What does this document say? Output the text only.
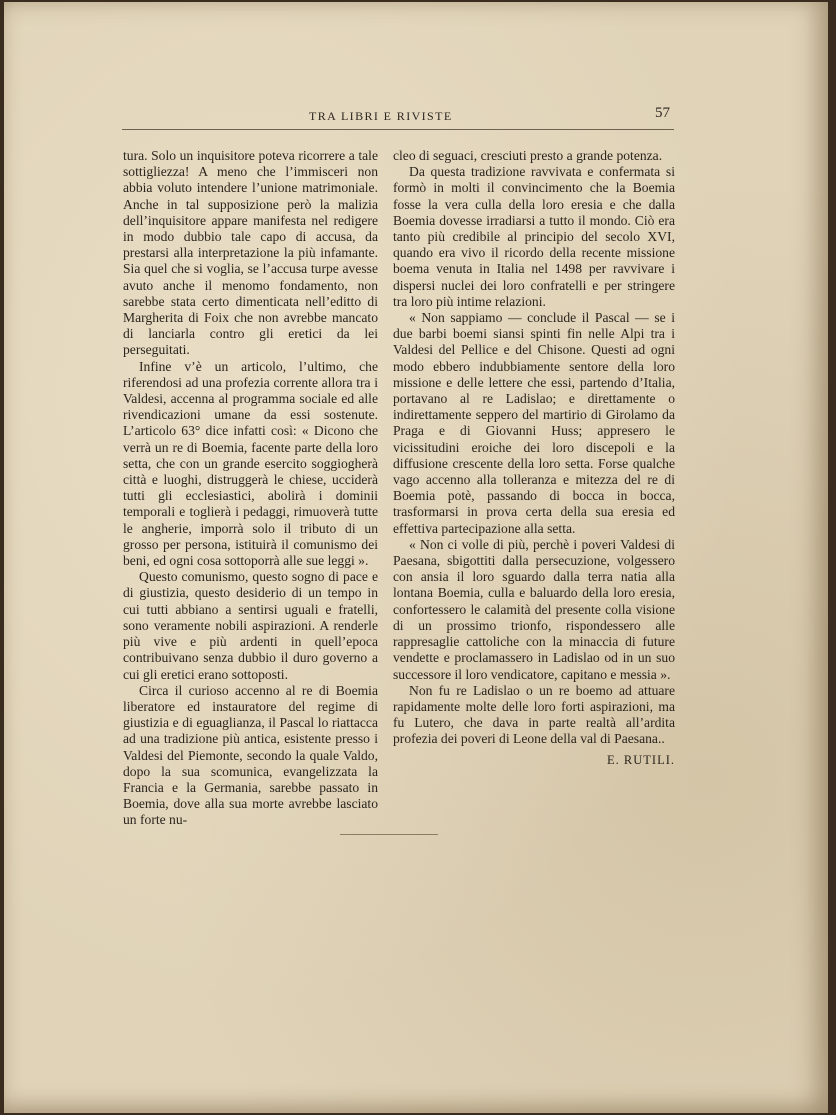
TRA LIBRI E RIVISTE	57

tura. Solo un inquisitore poteva ricorrere a tale sottigliezza! A meno che l’immisceri non abbia voluto intendere l’unione matrimoniale. Anche in tal supposizione però la malizia dell’inquisitore appare manifesta nel redigere in modo dubbio tale capo di accusa, da prestarsi alla interpretazione la più infamante. Sia quel che si voglia, se l’accusa turpe avesse avuto anche il menomo fondamento, non sarebbe stata certo dimenticata nell’editto di Margherita di Foix che non avrebbe mancato di lanciarla contro gli eretici da lei perseguitati.

Infine v’è un articolo, l’ultimo, che riferendosi ad una profezia corrente allora tra i Valdesi, accenna al programma sociale ed alle rivendicazioni umane da essi sostenute. L’articolo 63° dice infatti così: « Dicono che verrà un re di Boemia, facente parte della loro setta, che con un grande esercito soggiogherà città e luoghi, distruggerà le chiese, ucciderà tutti gli ecclesiastici, abolirà i dominii temporali e toglierà i pedaggi, rimuoverà tutte le angherie, imporrà solo il tributo di un grosso per persona, istituirà il comunismo dei beni, ed ogni cosa sottoporrà alle sue leggi ».

Questo comunismo, questo sogno di pace e di giustizia, questo desiderio di un tempo in cui tutti abbiano a sentirsi uguali e fratelli, sono veramente nobili aspirazioni. A renderle più vive e più ardenti in quell’epoca contribuivano senza dubbio il duro governo a cui gli eretici erano sottoposti.

Circa il curioso accenno al re di Boemia liberatore ed instauratore del regime di giustizia e di eguaglianza, il Pascal lo riattacca ad una tradizione più antica, esistente presso i Valdesi del Piemonte, secondo la quale Valdo, dopo la sua scomunica, evangelizzata la Francia e la Germania, sarebbe passato in Boemia, dove alla sua morte avrebbe lasciato un forte nu-

cleo di seguaci, cresciuti presto a grande potenza.

Da questa tradizione ravvivata e confermata si formò in molti il convincimento che la Boemia fosse la vera culla della loro eresia e che dalla Boemia dovesse irradiarsi a tutto il mondo. Ciò era tanto più credibile al principio del secolo XVI, quando era vivo il ricordo della recente missione boema venuta in Italia nel 1498 per ravvivare i dispersi nuclei dei loro confratelli e per stringere tra loro più intime relazioni.

« Non sappiamo — conclude il Pascal — se i due barbi boemi siansi spinti fin nelle Alpi tra i Valdesi del Pellice e del Chisone. Questi ad ogni modo ebbero indubbiamente sentore della loro missione e delle lettere che essi, partendo d’Italia, portavano al re Ladislao; e direttamente o indirettamente seppero del martirio di Girolamo da Praga e di Giovanni Huss; appresero le vicissitudini eroiche dei loro discepoli e la diffusione crescente della loro setta. Forse qualche vago accenno alla tolleranza e mitezza del re di Boemia potè, passando di bocca in bocca, trasformarsi in prova certa della sua eresia ed effettiva partecipazione alla setta.

« Non ci volle di più, perchè i poveri Valdesi di Paesana, sbigottiti dalla persecuzione, volgessero con ansia il loro sguardo dalla terra natia alla lontana Boemia, culla e baluardo della loro eresia, confortessero le calamità del presente colla visione di un prossimo trionfo, rispondessero alle rappresaglie cattoliche con la minaccia di future vendette e proclamassero in Ladislao od in un suo successore il loro vendicatore, capitano e messia ».

Non fu re Ladislao o un re boemo ad attuare rapidamente molte delle loro forti aspirazioni, ma fu Lutero, che dava in parte realtà all’ardita profezia dei poveri di Leone della val di Paesana..

E. RUTILI.
